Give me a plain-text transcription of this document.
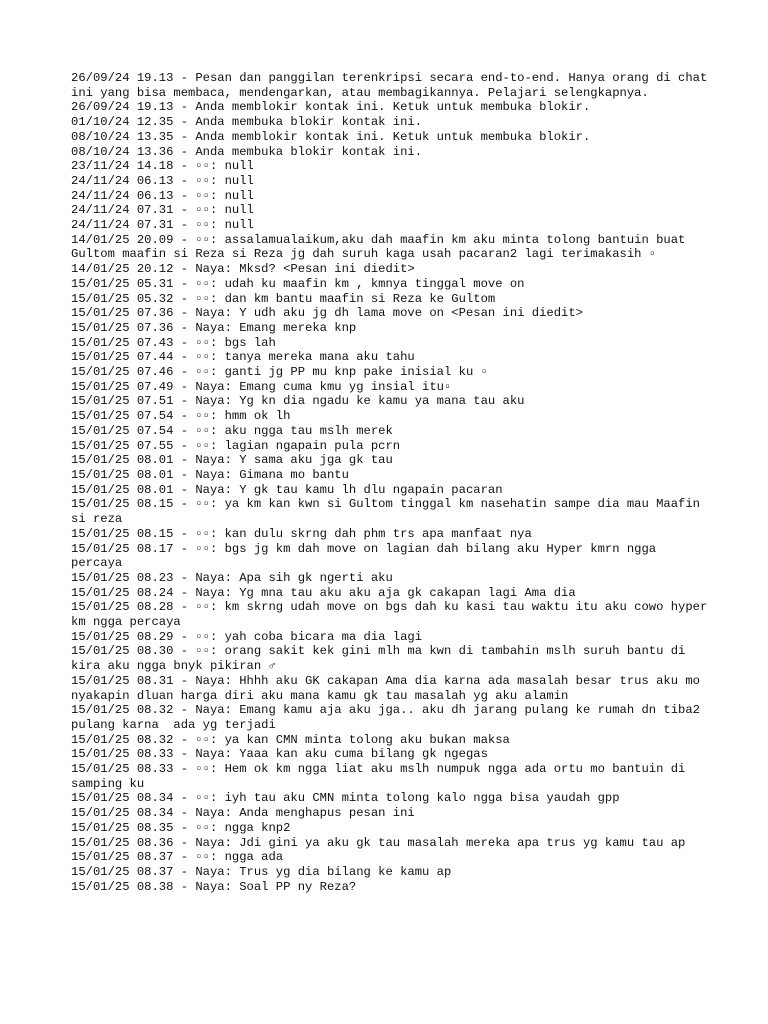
26/09/24 19.13 - Pesan dan panggilan terenkripsi secara end-to-end. Hanya orang di chat ini yang bisa membaca, mendengarkan, atau membagikannya. Pelajari selengkapnya.
26/09/24 19.13 - Anda memblokir kontak ini. Ketuk untuk membuka blokir.
01/10/24 12.35 - Anda membuka blokir kontak ini.
08/10/24 13.35 - Anda memblokir kontak ini. Ketuk untuk membuka blokir.
08/10/24 13.36 - Anda membuka blokir kontak ini.
23/11/24 14.18 - ▫▫: null
24/11/24 06.13 - ▫▫: null
24/11/24 06.13 - ▫▫: null
24/11/24 07.31 - ▫▫: null
24/11/24 07.31 - ▫▫: null
14/01/25 20.09 - ▫▫: assalamualaikum,aku dah maafin km aku minta tolong bantuin buat Gultom maafin si Reza si Reza jg dah suruh kaga usah pacaran2 lagi terimakasih ▫
14/01/25 20.12 - Naya: Mksd? <Pesan ini diedit>
15/01/25 05.31 - ▫▫: udah ku maafin km , kmnya tinggal move on
15/01/25 05.32 - ▫▫: dan km bantu maafin si Reza ke Gultom
15/01/25 07.36 - Naya: Y udh aku jg dh lama move on <Pesan ini diedit>
15/01/25 07.36 - Naya: Emang mereka knp
15/01/25 07.43 - ▫▫: bgs lah
15/01/25 07.44 - ▫▫: tanya mereka mana aku tahu
15/01/25 07.46 - ▫▫: ganti jg PP mu knp pake inisial ku ▫
15/01/25 07.49 - Naya: Emang cuma kmu yg insial itu▫
15/01/25 07.51 - Naya: Yg kn dia ngadu ke kamu ya mana tau aku
15/01/25 07.54 - ▫▫: hmm ok lh
15/01/25 07.54 - ▫▫: aku ngga tau mslh merek
15/01/25 07.55 - ▫▫: lagian ngapain pula pcrn
15/01/25 08.01 - Naya: Y sama aku jga gk tau
15/01/25 08.01 - Naya: Gimana mo bantu
15/01/25 08.01 - Naya: Y gk tau kamu lh dlu ngapain pacaran
15/01/25 08.15 - ▫▫: ya km kan kwn si Gultom tinggal km nasehatin sampe dia mau Maafin si reza
15/01/25 08.15 - ▫▫: kan dulu skrng dah phm trs apa manfaat nya
15/01/25 08.17 - ▫▫: bgs jg km dah move on lagian dah bilang aku Hyper kmrn ngga percaya
15/01/25 08.23 - Naya: Apa sih gk ngerti aku
15/01/25 08.24 - Naya: Yg mna tau aku aku aja gk cakapan lagi Ama dia
15/01/25 08.28 - ▫▫: km skrng udah move on bgs dah ku kasi tau waktu itu aku cowo hyper km ngga percaya
15/01/25 08.29 - ▫▫: yah coba bicara ma dia lagi
15/01/25 08.30 - ▫▫: orang sakit kek gini mlh ma kwn di tambahin mslh suruh bantu di kira aku ngga bnyk pikiran ♂
15/01/25 08.31 - Naya: Hhhh aku GK cakapan Ama dia karna ada masalah besar trus aku mo nyakapin dluan harga diri aku mana kamu gk tau masalah yg aku alamin
15/01/25 08.32 - Naya: Emang kamu aja aku jga.. aku dh jarang pulang ke rumah dn tiba2 pulang karna  ada yg terjadi
15/01/25 08.32 - ▫▫: ya kan CMN minta tolong aku bukan maksa
15/01/25 08.33 - Naya: Yaaa kan aku cuma bilang gk ngegas
15/01/25 08.33 - ▫▫: Hem ok km ngga liat aku mslh numpuk ngga ada ortu mo bantuin di samping ku
15/01/25 08.34 - ▫▫: iyh tau aku CMN minta tolong kalo ngga bisa yaudah gpp
15/01/25 08.34 - Naya: Anda menghapus pesan ini
15/01/25 08.35 - ▫▫: ngga knp2
15/01/25 08.36 - Naya: Jdi gini ya aku gk tau masalah mereka apa trus yg kamu tau ap
15/01/25 08.37 - ▫▫: ngga ada
15/01/25 08.37 - Naya: Trus yg dia bilang ke kamu ap
15/01/25 08.38 - Naya: Soal PP ny Reza?
